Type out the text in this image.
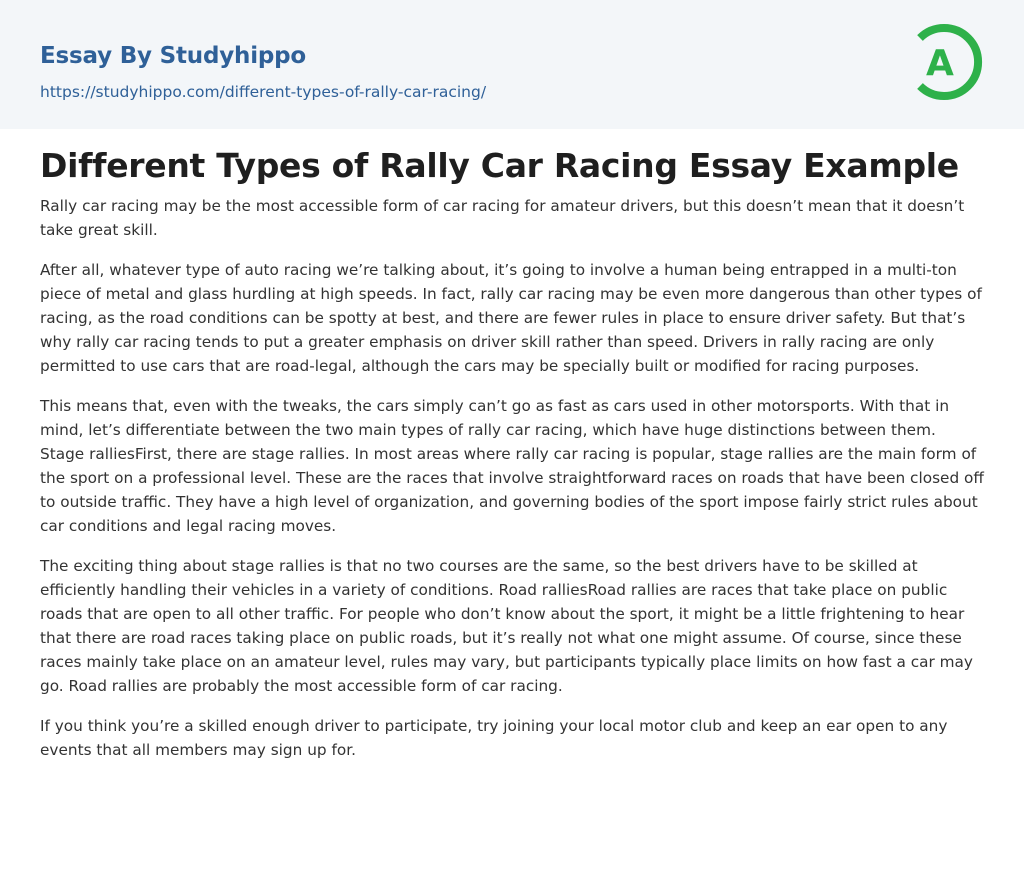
Essay By Studyhippo
https://studyhippo.com/different-types-of-rally-car-racing/
A
Different Types of Rally Car Racing Essay Example

Rally car racing may be the most accessible form of car racing for amateur drivers, but this doesn’t mean that it doesn’t take great skill.

After all, whatever type of auto racing we’re talking about, it’s going to involve a human being entrapped in a multi-ton piece of metal and glass hurdling at high speeds. In fact, rally car racing may be even more dangerous than other types of racing, as the road conditions can be spotty at best, and there are fewer rules in place to ensure driver safety. But that’s why rally car racing tends to put a greater emphasis on driver skill rather than speed. Drivers in rally racing are only permitted to use cars that are road-legal, although the cars may be specially built or modified for racing purposes.

This means that, even with the tweaks, the cars simply can’t go as fast as cars used in other motorsports. With that in mind, let’s differentiate between the two main types of rally car racing, which have huge distinctions between them. Stage ralliesFirst, there are stage rallies. In most areas where rally car racing is popular, stage rallies are the main form of the sport on a professional level. These are the races that involve straightforward races on roads that have been closed off to outside traffic. They have a high level of organization, and governing bodies of the sport impose fairly strict rules about car conditions and legal racing moves.

The exciting thing about stage rallies is that no two courses are the same, so the best drivers have to be skilled at efficiently handling their vehicles in a variety of conditions. Road ralliesRoad rallies are races that take place on public roads that are open to all other traffic. For people who don’t know about the sport, it might be a little frightening to hear that there are road races taking place on public roads, but it’s really not what one might assume. Of course, since these races mainly take place on an amateur level, rules may vary, but participants typically place limits on how fast a car may go. Road rallies are probably the most accessible form of car racing.

If you think you’re a skilled enough driver to participate, try joining your local motor club and keep an ear open to any events that all members may sign up for.
